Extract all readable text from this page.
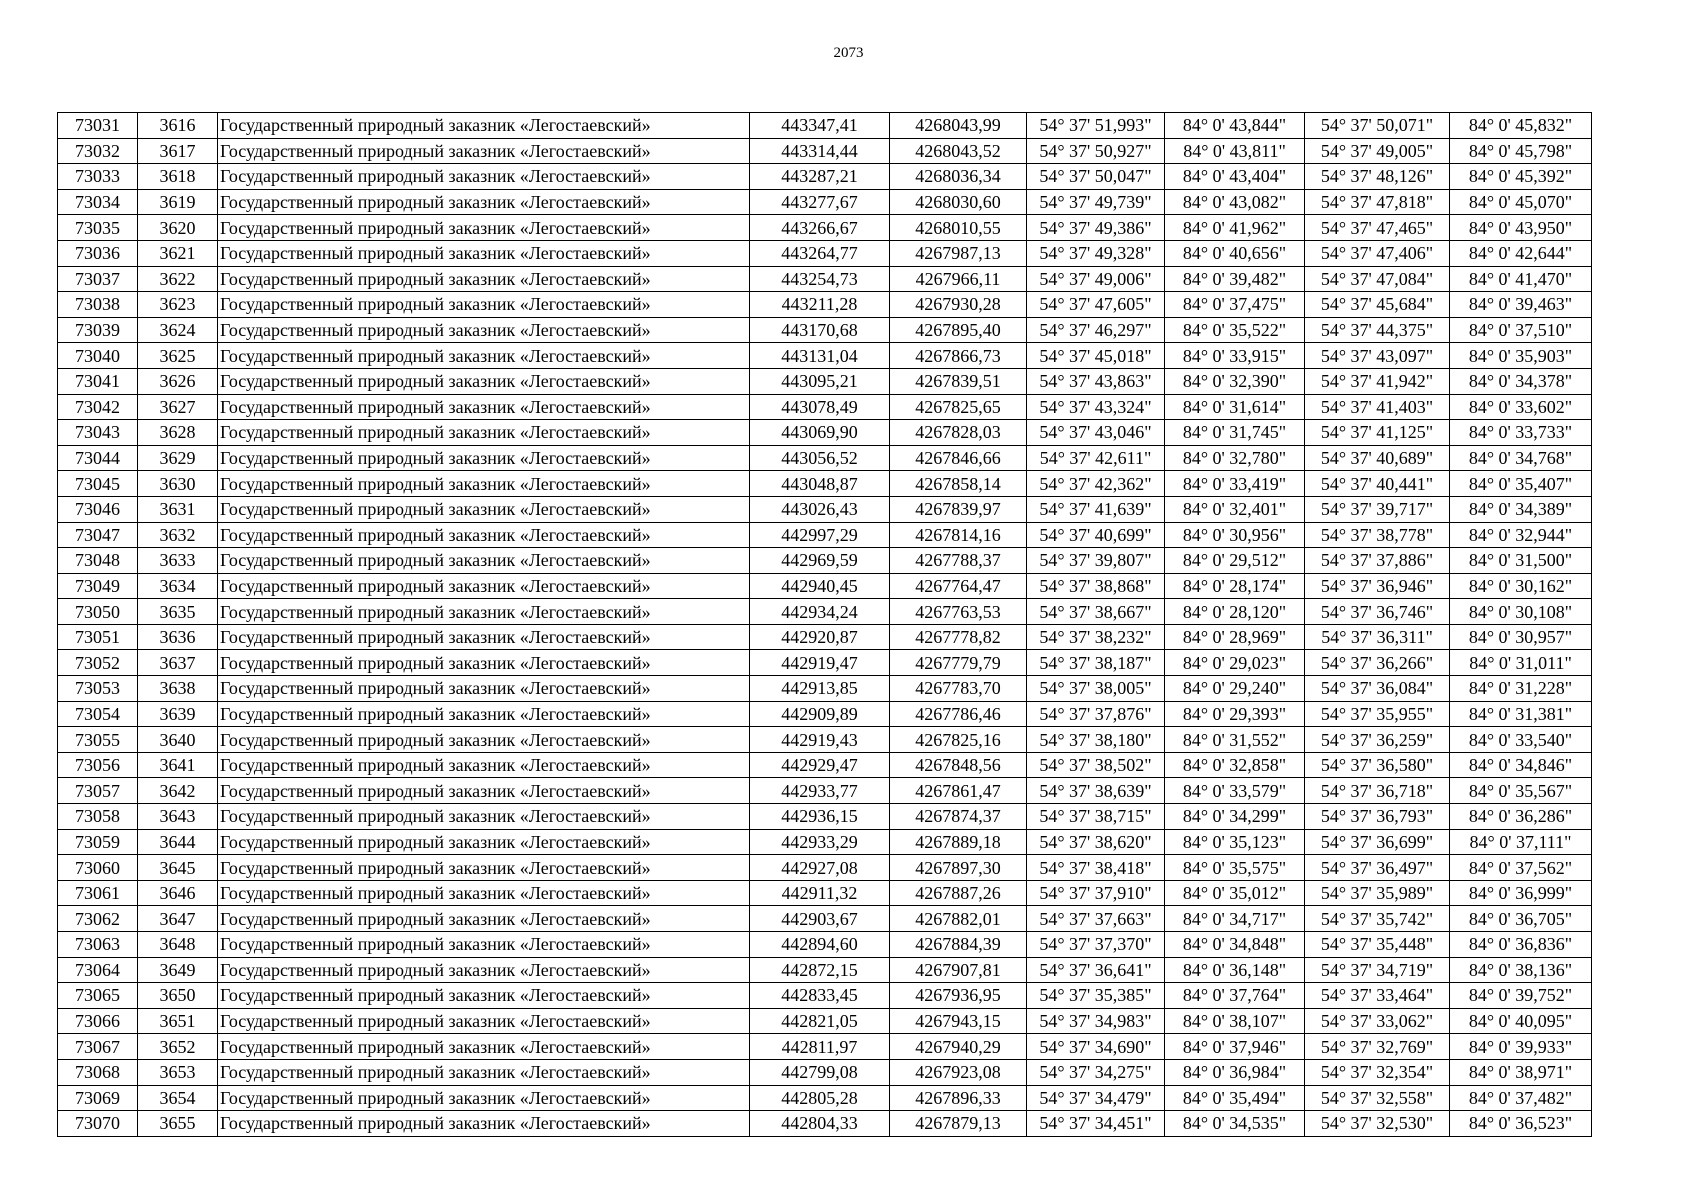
2073
73031	3616	Государственный природный заказник «Легостаевский»	443347,41	4268043,99	54° 37' 51,993"	84° 0' 43,844"	54° 37' 50,071"	84° 0' 45,832"
73032	3617	Государственный природный заказник «Легостаевский»	443314,44	4268043,52	54° 37' 50,927"	84° 0' 43,811"	54° 37' 49,005"	84° 0' 45,798"
73033	3618	Государственный природный заказник «Легостаевский»	443287,21	4268036,34	54° 37' 50,047"	84° 0' 43,404"	54° 37' 48,126"	84° 0' 45,392"
73034	3619	Государственный природный заказник «Легостаевский»	443277,67	4268030,60	54° 37' 49,739"	84° 0' 43,082"	54° 37' 47,818"	84° 0' 45,070"
73035	3620	Государственный природный заказник «Легостаевский»	443266,67	4268010,55	54° 37' 49,386"	84° 0' 41,962"	54° 37' 47,465"	84° 0' 43,950"
73036	3621	Государственный природный заказник «Легостаевский»	443264,77	4267987,13	54° 37' 49,328"	84° 0' 40,656"	54° 37' 47,406"	84° 0' 42,644"
73037	3622	Государственный природный заказник «Легостаевский»	443254,73	4267966,11	54° 37' 49,006"	84° 0' 39,482"	54° 37' 47,084"	84° 0' 41,470"
73038	3623	Государственный природный заказник «Легостаевский»	443211,28	4267930,28	54° 37' 47,605"	84° 0' 37,475"	54° 37' 45,684"	84° 0' 39,463"
73039	3624	Государственный природный заказник «Легостаевский»	443170,68	4267895,40	54° 37' 46,297"	84° 0' 35,522"	54° 37' 44,375"	84° 0' 37,510"
73040	3625	Государственный природный заказник «Легостаевский»	443131,04	4267866,73	54° 37' 45,018"	84° 0' 33,915"	54° 37' 43,097"	84° 0' 35,903"
73041	3626	Государственный природный заказник «Легостаевский»	443095,21	4267839,51	54° 37' 43,863"	84° 0' 32,390"	54° 37' 41,942"	84° 0' 34,378"
73042	3627	Государственный природный заказник «Легостаевский»	443078,49	4267825,65	54° 37' 43,324"	84° 0' 31,614"	54° 37' 41,403"	84° 0' 33,602"
73043	3628	Государственный природный заказник «Легостаевский»	443069,90	4267828,03	54° 37' 43,046"	84° 0' 31,745"	54° 37' 41,125"	84° 0' 33,733"
73044	3629	Государственный природный заказник «Легостаевский»	443056,52	4267846,66	54° 37' 42,611"	84° 0' 32,780"	54° 37' 40,689"	84° 0' 34,768"
73045	3630	Государственный природный заказник «Легостаевский»	443048,87	4267858,14	54° 37' 42,362"	84° 0' 33,419"	54° 37' 40,441"	84° 0' 35,407"
73046	3631	Государственный природный заказник «Легостаевский»	443026,43	4267839,97	54° 37' 41,639"	84° 0' 32,401"	54° 37' 39,717"	84° 0' 34,389"
73047	3632	Государственный природный заказник «Легостаевский»	442997,29	4267814,16	54° 37' 40,699"	84° 0' 30,956"	54° 37' 38,778"	84° 0' 32,944"
73048	3633	Государственный природный заказник «Легостаевский»	442969,59	4267788,37	54° 37' 39,807"	84° 0' 29,512"	54° 37' 37,886"	84° 0' 31,500"
73049	3634	Государственный природный заказник «Легостаевский»	442940,45	4267764,47	54° 37' 38,868"	84° 0' 28,174"	54° 37' 36,946"	84° 0' 30,162"
73050	3635	Государственный природный заказник «Легостаевский»	442934,24	4267763,53	54° 37' 38,667"	84° 0' 28,120"	54° 37' 36,746"	84° 0' 30,108"
73051	3636	Государственный природный заказник «Легостаевский»	442920,87	4267778,82	54° 37' 38,232"	84° 0' 28,969"	54° 37' 36,311"	84° 0' 30,957"
73052	3637	Государственный природный заказник «Легостаевский»	442919,47	4267779,79	54° 37' 38,187"	84° 0' 29,023"	54° 37' 36,266"	84° 0' 31,011"
73053	3638	Государственный природный заказник «Легостаевский»	442913,85	4267783,70	54° 37' 38,005"	84° 0' 29,240"	54° 37' 36,084"	84° 0' 31,228"
73054	3639	Государственный природный заказник «Легостаевский»	442909,89	4267786,46	54° 37' 37,876"	84° 0' 29,393"	54° 37' 35,955"	84° 0' 31,381"
73055	3640	Государственный природный заказник «Легостаевский»	442919,43	4267825,16	54° 37' 38,180"	84° 0' 31,552"	54° 37' 36,259"	84° 0' 33,540"
73056	3641	Государственный природный заказник «Легостаевский»	442929,47	4267848,56	54° 37' 38,502"	84° 0' 32,858"	54° 37' 36,580"	84° 0' 34,846"
73057	3642	Государственный природный заказник «Легостаевский»	442933,77	4267861,47	54° 37' 38,639"	84° 0' 33,579"	54° 37' 36,718"	84° 0' 35,567"
73058	3643	Государственный природный заказник «Легостаевский»	442936,15	4267874,37	54° 37' 38,715"	84° 0' 34,299"	54° 37' 36,793"	84° 0' 36,286"
73059	3644	Государственный природный заказник «Легостаевский»	442933,29	4267889,18	54° 37' 38,620"	84° 0' 35,123"	54° 37' 36,699"	84° 0' 37,111"
73060	3645	Государственный природный заказник «Легостаевский»	442927,08	4267897,30	54° 37' 38,418"	84° 0' 35,575"	54° 37' 36,497"	84° 0' 37,562"
73061	3646	Государственный природный заказник «Легостаевский»	442911,32	4267887,26	54° 37' 37,910"	84° 0' 35,012"	54° 37' 35,989"	84° 0' 36,999"
73062	3647	Государственный природный заказник «Легостаевский»	442903,67	4267882,01	54° 37' 37,663"	84° 0' 34,717"	54° 37' 35,742"	84° 0' 36,705"
73063	3648	Государственный природный заказник «Легостаевский»	442894,60	4267884,39	54° 37' 37,370"	84° 0' 34,848"	54° 37' 35,448"	84° 0' 36,836"
73064	3649	Государственный природный заказник «Легостаевский»	442872,15	4267907,81	54° 37' 36,641"	84° 0' 36,148"	54° 37' 34,719"	84° 0' 38,136"
73065	3650	Государственный природный заказник «Легостаевский»	442833,45	4267936,95	54° 37' 35,385"	84° 0' 37,764"	54° 37' 33,464"	84° 0' 39,752"
73066	3651	Государственный природный заказник «Легостаевский»	442821,05	4267943,15	54° 37' 34,983"	84° 0' 38,107"	54° 37' 33,062"	84° 0' 40,095"
73067	3652	Государственный природный заказник «Легостаевский»	442811,97	4267940,29	54° 37' 34,690"	84° 0' 37,946"	54° 37' 32,769"	84° 0' 39,933"
73068	3653	Государственный природный заказник «Легостаевский»	442799,08	4267923,08	54° 37' 34,275"	84° 0' 36,984"	54° 37' 32,354"	84° 0' 38,971"
73069	3654	Государственный природный заказник «Легостаевский»	442805,28	4267896,33	54° 37' 34,479"	84° 0' 35,494"	54° 37' 32,558"	84° 0' 37,482"
73070	3655	Государственный природный заказник «Легостаевский»	442804,33	4267879,13	54° 37' 34,451"	84° 0' 34,535"	54° 37' 32,530"	84° 0' 36,523"
